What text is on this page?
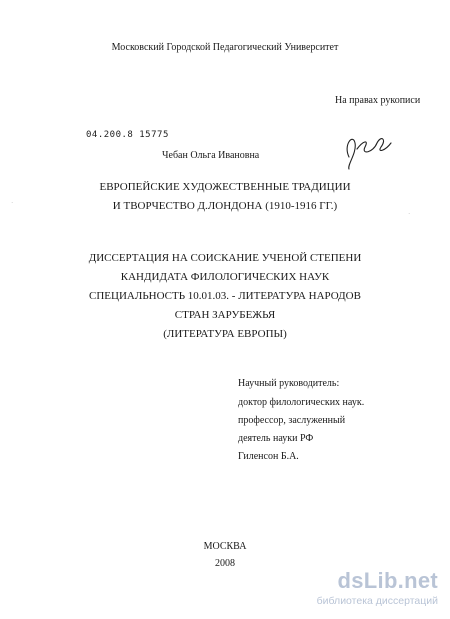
Московский Городской Педагогический Университет
На правах рукописи
04.200.8 15775
Чебан Ольга Ивановна
ЕВРОПЕЙСКИЕ ХУДОЖЕСТВЕННЫЕ ТРАДИЦИИ
И ТВОРЧЕСТВО Д.ЛОНДОНА (1910-1916 ГГ.)
ДИССЕРТАЦИЯ НА СОИСКАНИЕ УЧЕНОЙ СТЕПЕНИ
КАНДИДАТА ФИЛОЛОГИЧЕСКИХ НАУК
СПЕЦИАЛЬНОСТЬ 10.01.03. - ЛИТЕРАТУРА НАРОДОВ
СТРАН ЗАРУБЕЖЬЯ
(ЛИТЕРАТУРА ЕВРОПЫ)
Научный руководитель:
доктор филологических наук.
профессор, заслуженный
деятель науки РФ
Гиленсон Б.А.
МОСКВА
2008
·
·
dsLib.net
библиотека диссертаций
